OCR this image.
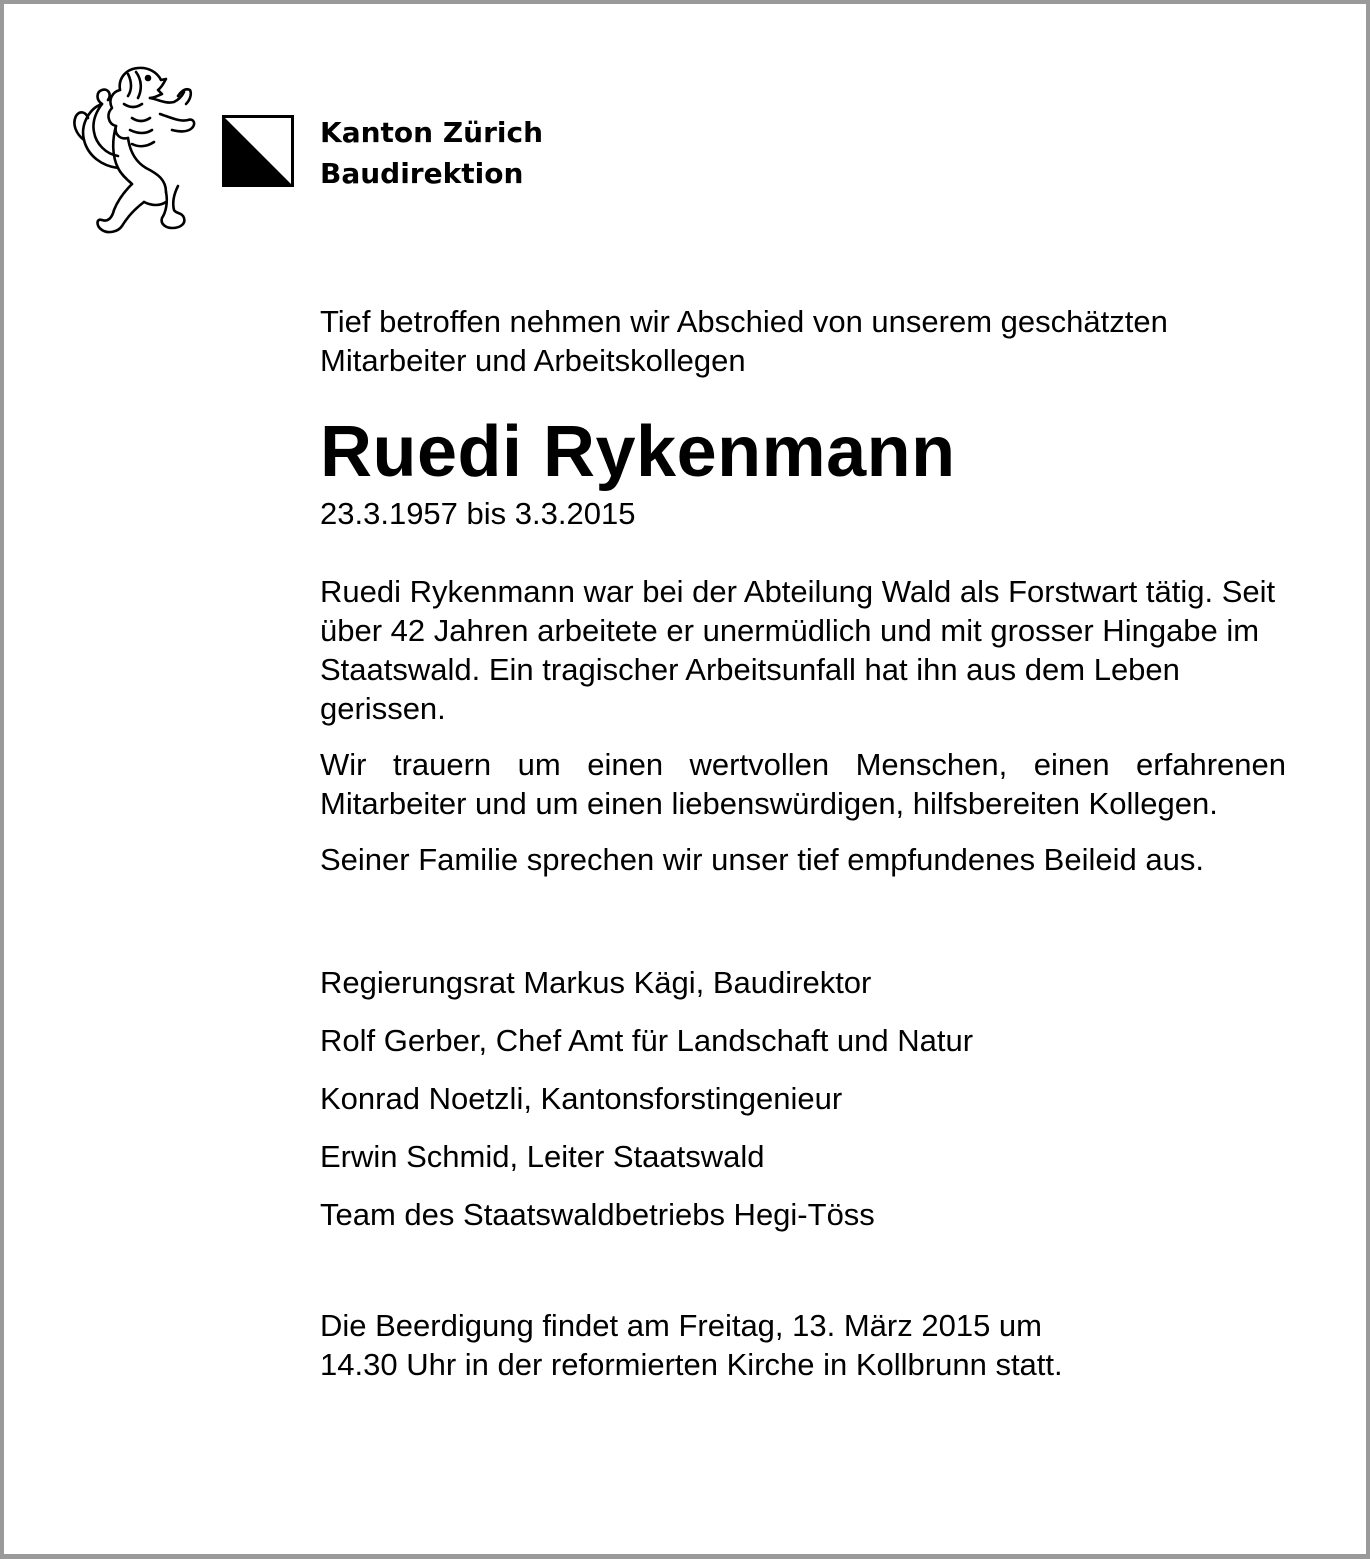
Kanton Zürich
Baudirektion

Tief betroffen nehmen wir Abschied von unserem geschätzten Mitarbeiter und Arbeitskollegen

Ruedi Rykenmann

23.3.1957 bis 3.3.2015

Ruedi Rykenmann war bei der Abteilung Wald als Forstwart tätig. Seit über 42 Jahren arbeitete er unermüdlich und mit grosser Hingabe im Staatswald. Ein tragischer Arbeitsunfall hat ihn aus dem Leben gerissen.

Wir trauern um einen wertvollen Menschen, einen erfahrenen Mitarbeiter und um einen liebenswürdigen, hilfsbereiten Kollegen.

Seiner Familie sprechen wir unser tief empfundenes Beileid aus.

Regierungsrat Markus Kägi, Baudirektor

Rolf Gerber, Chef Amt für Landschaft und Natur

Konrad Noetzli, Kantonsforstingenieur

Erwin Schmid, Leiter Staatswald

Team des Staatswaldbetriebs Hegi-Töss

Die Beerdigung findet am Freitag, 13. März 2015 um
14.30 Uhr in der reformierten Kirche in Kollbrunn statt.
